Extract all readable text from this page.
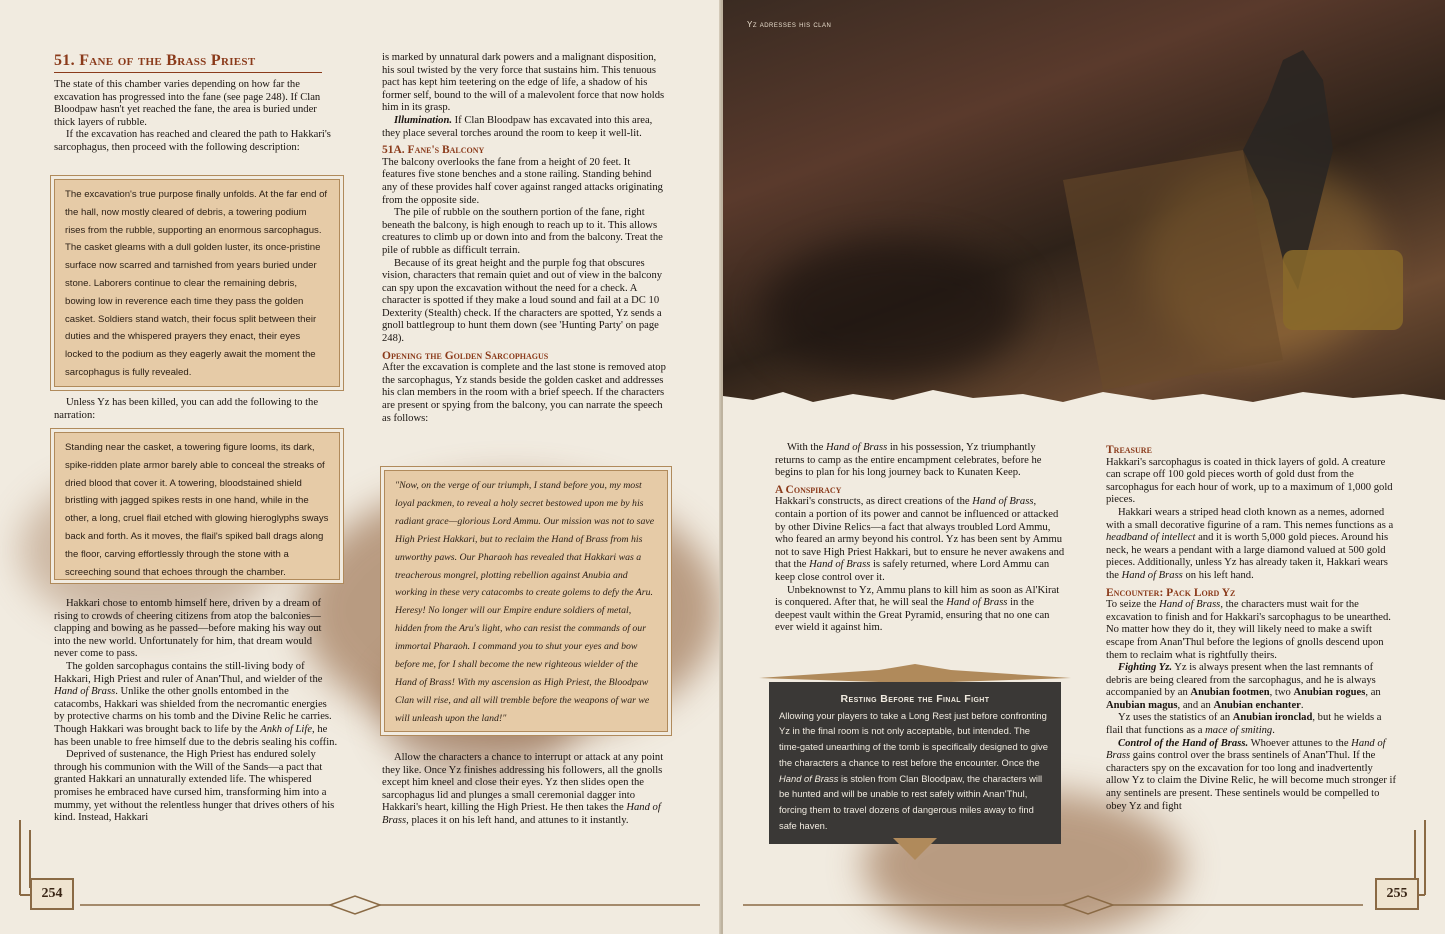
51. Fane of the Brass Priest

The state of this chamber varies depending on how far the excavation has progressed into the fane (see page 248). If Clan Bloodpaw hasn't yet reached the fane, the area is buried under thick layers of rubble.

If the excavation has reached and cleared the path to Hakkari's sarcophagus, then proceed with the following description:

The excavation's true purpose finally unfolds. At the far end of the hall, now mostly cleared of debris, a towering podium rises from the rubble, supporting an enormous sarcophagus. The casket gleams with a dull golden luster, its once-pristine surface now scarred and tarnished from years buried under stone. Laborers continue to clear the remaining debris, bowing low in reverence each time they pass the golden casket. Soldiers stand watch, their focus split between their duties and the whispered prayers they enact, their eyes locked to the podium as they eagerly await the moment the sarcophagus is fully revealed.

Unless Yz has been killed, you can add the following to the narration:

Standing near the casket, a towering figure looms, its dark, spike-ridden plate armor barely able to conceal the streaks of dried blood that cover it. A towering, bloodstained shield bristling with jagged spikes rests in one hand, while in the other, a long, cruel flail etched with glowing hieroglyphs sways back and forth. As it moves, the flail's spiked ball drags along the floor, carving effortlessly through the stone with a screeching sound that echoes through the chamber.

Hakkari chose to entomb himself here, driven by a dream of rising to crowds of cheering citizens from atop the balconies—clapping and bowing as he passed—before making his way out into the new world. Unfortunately for him, that dream would never come to pass.

The golden sarcophagus contains the still-living body of Hakkari, High Priest and ruler of Anan'Thul, and wielder of the Hand of Brass. Unlike the other gnolls entombed in the catacombs, Hakkari was shielded from the necromantic energies by protective charms on his tomb and the Divine Relic he carries. Though Hakkari was brought back to life by the Ankh of Life, he has been unable to free himself due to the debris sealing his coffin.

Deprived of sustenance, the High Priest has endured solely through his communion with the Will of the Sands—a pact that granted Hakkari an unnaturally extended life. The whispered promises he embraced have cursed him, transforming him into a mummy, yet without the relentless hunger that drives others of his kind. Instead, Hakkari

is marked by unnatural dark powers and a malignant disposition, his soul twisted by the very force that sustains him. This tenuous pact has kept him teetering on the edge of life, a shadow of his former self, bound to the will of a malevolent force that now holds him in its grasp.

Illumination. If Clan Bloodpaw has excavated into this area, they place several torches around the room to keep it well-lit.

51A. Fane's Balcony

The balcony overlooks the fane from a height of 20 feet. It features five stone benches and a stone railing. Standing behind any of these provides half cover against ranged attacks originating from the opposite side.

The pile of rubble on the southern portion of the fane, right beneath the balcony, is high enough to reach up to it. This allows creatures to climb up or down into and from the balcony. Treat the pile of rubble as difficult terrain.

Because of its great height and the purple fog that obscures vision, characters that remain quiet and out of view in the balcony can spy upon the excavation without the need for a check. A character is spotted if they make a loud sound and fail at a DC 10 Dexterity (Stealth) check. If the characters are spotted, Yz sends a gnoll battlegroup to hunt them down (see 'Hunting Party' on page 248).

Opening the Golden Sarcophagus

After the excavation is complete and the last stone is removed atop the sarcophagus, Yz stands beside the golden casket and addresses his clan members in the room with a brief speech. If the characters are present or spying from the balcony, you can narrate the speech as follows:

"Now, on the verge of our triumph, I stand before you, my most loyal packmen, to reveal a holy secret bestowed upon me by his radiant grace—glorious Lord Ammu. Our mission was not to save High Priest Hakkari, but to reclaim the Hand of Brass from his unworthy paws. Our Pharaoh has revealed that Hakkari was a treacherous mongrel, plotting rebellion against Anubia and working in these very catacombs to create golems to defy the Aru. Heresy! No longer will our Empire endure soldiers of metal, hidden from the Aru's light, who can resist the commands of our immortal Pharaoh. I command you to shut your eyes and bow before me, for I shall become the new righteous wielder of the Hand of Brass! With my ascension as High Priest, the Bloodpaw Clan will rise, and all will tremble before the weapons of war we will unleash upon the land!"

Allow the characters a chance to interrupt or attack at any point they like. Once Yz finishes addressing his followers, all the gnolls except him kneel and close their eyes. Yz then slides open the sarcophagus lid and plunges a small ceremonial dagger into Hakkari's heart, killing the High Priest. He then takes the Hand of Brass, places it on his left hand, and attunes to it instantly.

254
Yz adresses his clan

With the Hand of Brass in his possession, Yz triumphantly returns to camp as the entire encampment celebrates, before he begins to plan for his long journey back to Kunaten Keep.

A Conspiracy

Hakkari's constructs, as direct creations of the Hand of Brass, contain a portion of its power and cannot be influenced or attacked by other Divine Relics—a fact that always troubled Lord Ammu, who feared an army beyond his control. Yz has been sent by Ammu not to save High Priest Hakkari, but to ensure he never awakens and that the Hand of Brass is safely returned, where Lord Ammu can keep close control over it.

Unbeknownst to Yz, Ammu plans to kill him as soon as Al'Kirat is conquered. After that, he will seal the Hand of Brass in the deepest vault within the Great Pyramid, ensuring that no one can ever wield it against him.

Resting Before the Final Fight
Allowing your players to take a Long Rest just before confronting Yz in the final room is not only acceptable, but intended. The time-gated unearthing of the tomb is specifically designed to give the characters a chance to rest before the encounter. Once the Hand of Brass is stolen from Clan Bloodpaw, the characters will be hunted and will be unable to rest safely within Anan'Thul, forcing them to travel dozens of dangerous miles away to find safe haven.
Treasure

Hakkari's sarcophagus is coated in thick layers of gold. A creature can scrape off 100 gold pieces worth of gold dust from the sarcophagus for each hour of work, up to a maximum of 1,000 gold pieces.

Hakkari wears a striped head cloth known as a nemes, adorned with a small decorative figurine of a ram. This nemes functions as a headband of intellect and it is worth 5,000 gold pieces. Around his neck, he wears a pendant with a large diamond valued at 500 gold pieces. Additionally, unless Yz has already taken it, Hakkari wears the Hand of Brass on his left hand.

Encounter: Pack Lord Yz

To seize the Hand of Brass, the characters must wait for the excavation to finish and for Hakkari's sarcophagus to be unearthed. No matter how they do it, they will likely need to make a swift escape from Anan'Thul before the legions of gnolls descend upon them to reclaim what is rightfully theirs.

Fighting Yz. Yz is always present when the last remnants of debris are being cleared from the sarcophagus, and he is always accompanied by an Anubian footmen, two Anubian rogues, an Anubian magus, and an Anubian enchanter.

Yz uses the statistics of an Anubian ironclad, but he wields a flail that functions as a mace of smiting.

Control of the Hand of Brass. Whoever attunes to the Hand of Brass gains control over the brass sentinels of Anan'Thul. If the characters spy on the excavation for too long and inadvertently allow Yz to claim the Divine Relic, he will become much stronger if any sentinels are present. These sentinels would be compelled to obey Yz and fight

255
